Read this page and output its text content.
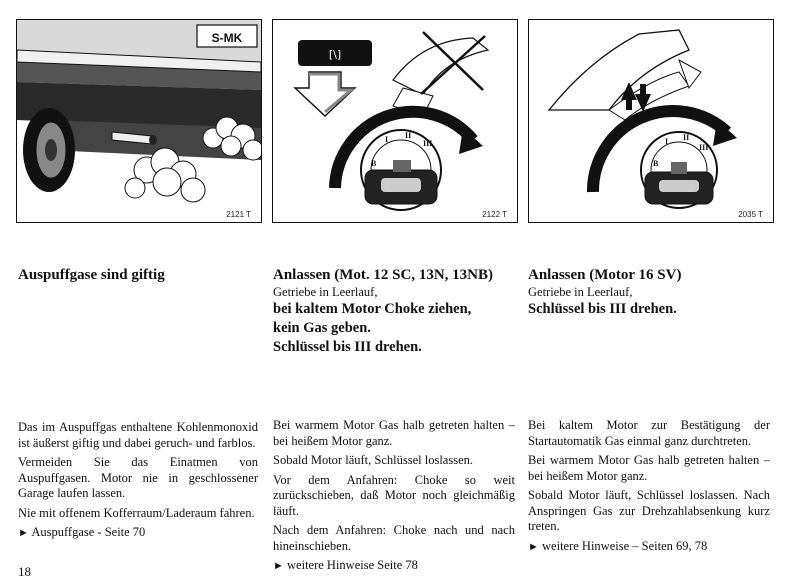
S-MK
2121 T
[\]
B
I II
III
2122 T
B
I II
III
2035 T
Auspuffgase sind giftig	Anlassen (Mot. 12 SC, 13N, 13NB)

Getriebe in Leerlauf,

bei kaltem Motor Choke ziehen,

kein Gas geben.

Schlüssel bis III drehen.

Anlassen (Motor 16 SV)

Getriebe in Leerlauf,

Schlüssel bis III drehen.

Das im Auspuffgas enthaltene Kohlenmonoxid ist äußerst giftig und dabei geruch- und farblos.

Vermeiden Sie das Einatmen von Auspuffgasen. Motor nie in geschlossener Garage laufen lassen.

Nie mit offenem Kofferraum/Laderaum fahren.

► Auspuffgase - Seite 70

Bei warmem Motor Gas halb getreten halten – bei heißem Motor ganz.

Sobald Motor läuft, Schlüssel loslassen.

Vor dem Anfahren: Choke so weit zurückschieben, daß Motor noch gleichmäßig läuft.

Nach dem Anfahren: Choke nach und nach hineinschieben.

► weitere Hinweise Seite 78

Bei kaltem Motor zur Bestätigung der Startautomatik Gas einmal ganz durchtreten.

Bei warmem Motor Gas halb getreten halten – bei heißem Motor ganz.

Sobald Motor läuft, Schlüssel loslassen. Nach Anspringen Gas zur Drehzahlabsenkung kurz treten.

► weitere Hinweise – Seiten 69, 78

18
